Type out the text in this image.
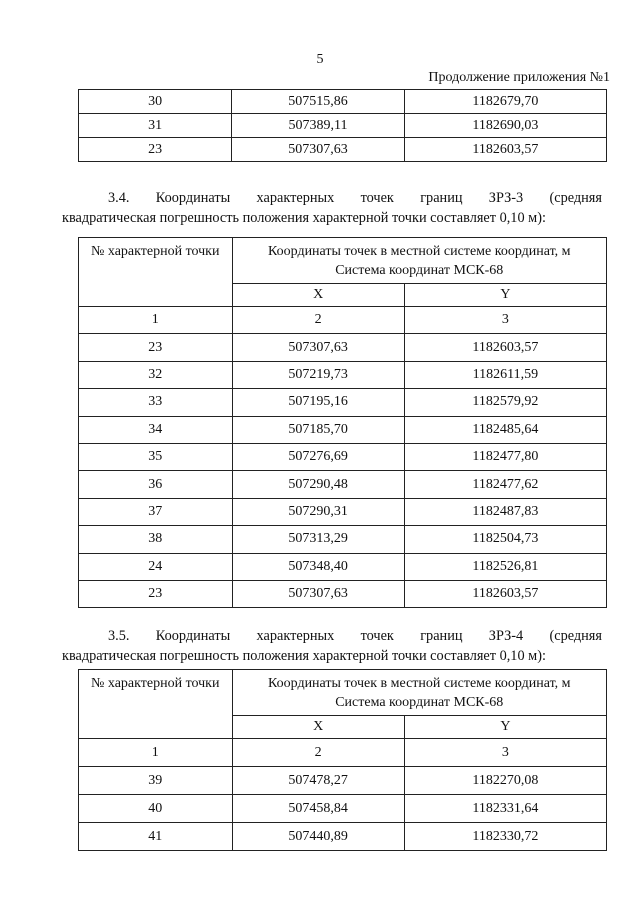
5
Продолжение приложения №1
30	507515,86	1182679,70
31	507389,11	1182690,03
23	507307,63	1182603,57
3.4. Координаты характерных точек границ ЗРЗ-3 (средняя
квадратическая погрешность положения характерной точки составляет 0,10 м):
№ характерной точки	Координаты точек в местной системе координат, м
Система координат МСК-68	
	X	Y
1	2	3
23	507307,63	1182603,57
32	507219,73	1182611,59
33	507195,16	1182579,92
34	507185,70	1182485,64
35	507276,69	1182477,80
36	507290,48	1182477,62
37	507290,31	1182487,83
38	507313,29	1182504,73
24	507348,40	1182526,81
23	507307,63	1182603,57
3.5. Координаты характерных точек границ ЗРЗ-4 (средняя
квадратическая погрешность положения характерной точки составляет 0,10 м):
№ характерной точки	Координаты точек в местной системе координат, м
Система координат МСК-68	
	X	Y
1	2	3
39	507478,27	1182270,08
40	507458,84	1182331,64
41	507440,89	1182330,72
